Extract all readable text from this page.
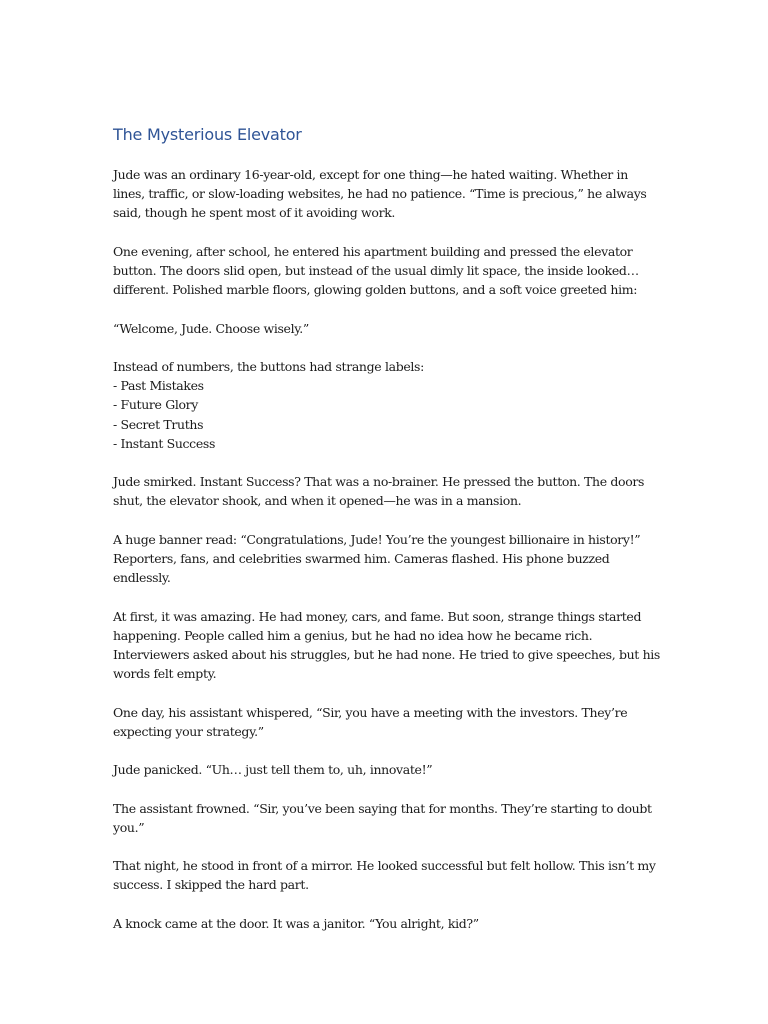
The Mysterious Elevator

Jude was an ordinary 16-year-old, except for one thing—he hated waiting. Whether in lines, traffic, or slow-loading websites, he had no patience. “Time is precious,” he always said, though he spent most of it avoiding work.

One evening, after school, he entered his apartment building and pressed the elevator button. The doors slid open, but instead of the usual dimly lit space, the inside looked… different. Polished marble floors, glowing golden buttons, and a soft voice greeted him:

“Welcome, Jude. Choose wisely.”

Instead of numbers, the buttons had strange labels:

- Past Mistakes

- Future Glory

- Secret Truths

- Instant Success

Jude smirked. Instant Success? That was a no-brainer. He pressed the button. The doors shut, the elevator shook, and when it opened—he was in a mansion.

A huge banner read: “Congratulations, Jude! You’re the youngest billionaire in history!” Reporters, fans, and celebrities swarmed him. Cameras flashed. His phone buzzed endlessly.

At first, it was amazing. He had money, cars, and fame. But soon, strange things started happening. People called him a genius, but he had no idea how he became rich. Interviewers asked about his struggles, but he had none. He tried to give speeches, but his words felt empty.

One day, his assistant whispered, “Sir, you have a meeting with the investors. They’re expecting your strategy.”

Jude panicked. “Uh… just tell them to, uh, innovate!”

The assistant frowned. “Sir, you’ve been saying that for months. They’re starting to doubt you.”

That night, he stood in front of a mirror. He looked successful but felt hollow. This isn’t my success. I skipped the hard part.

A knock came at the door. It was a janitor. “You alright, kid?”
